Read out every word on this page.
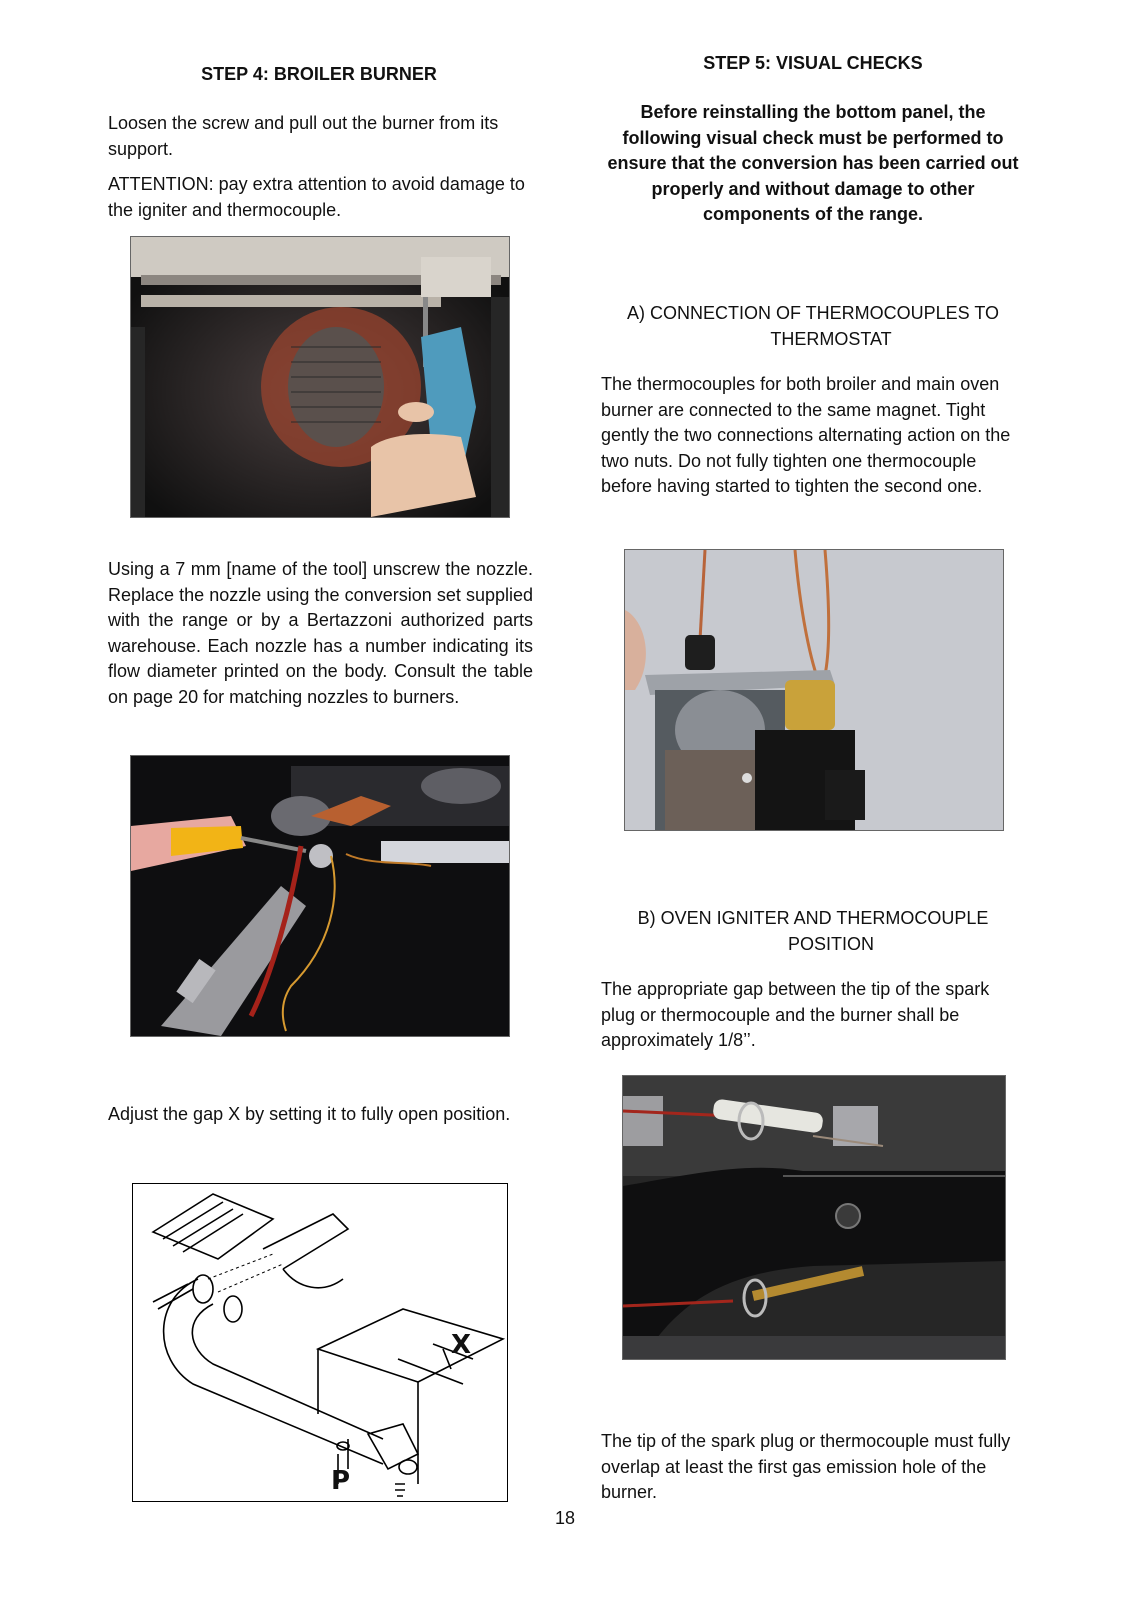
STEP 4: BROILER BURNER
Loosen the screw and pull out the burner from its support.
ATTENTION: pay extra attention to avoid damage to the igniter and thermocouple.
Using a 7 mm [name of the tool] unscrew the nozzle. Replace the nozzle using the conversion set supplied with the range or by a Bertazzoni authorized parts warehouse. Each nozzle has a number indicating its flow diameter printed on the body. Consult the table on page 20 for matching nozzles to burners.
Adjust the gap X by setting it to fully open position.
X
P
STEP 5: VISUAL CHECKS
Before reinstalling the bottom panel, the following visual check must be performed to ensure that the conversion has been carried out properly and without damage to other components of the range.
A) CONNECTION OF THERMOCOUPLES TO
THERMOSTAT
The thermocouples for both broiler and main oven burner are connected to the same magnet. Tight gently the two connections alternating action on the two nuts. Do not fully tighten one thermocouple before having started to tighten the second one.
B) OVEN IGNITER AND THERMOCOUPLE
POSITION
The appropriate gap between the tip of the spark plug or thermocouple and the burner shall be approximately 1/8’’.
The tip of the spark plug or thermocouple must fully overlap at least the first gas emission hole of the burner.
18
